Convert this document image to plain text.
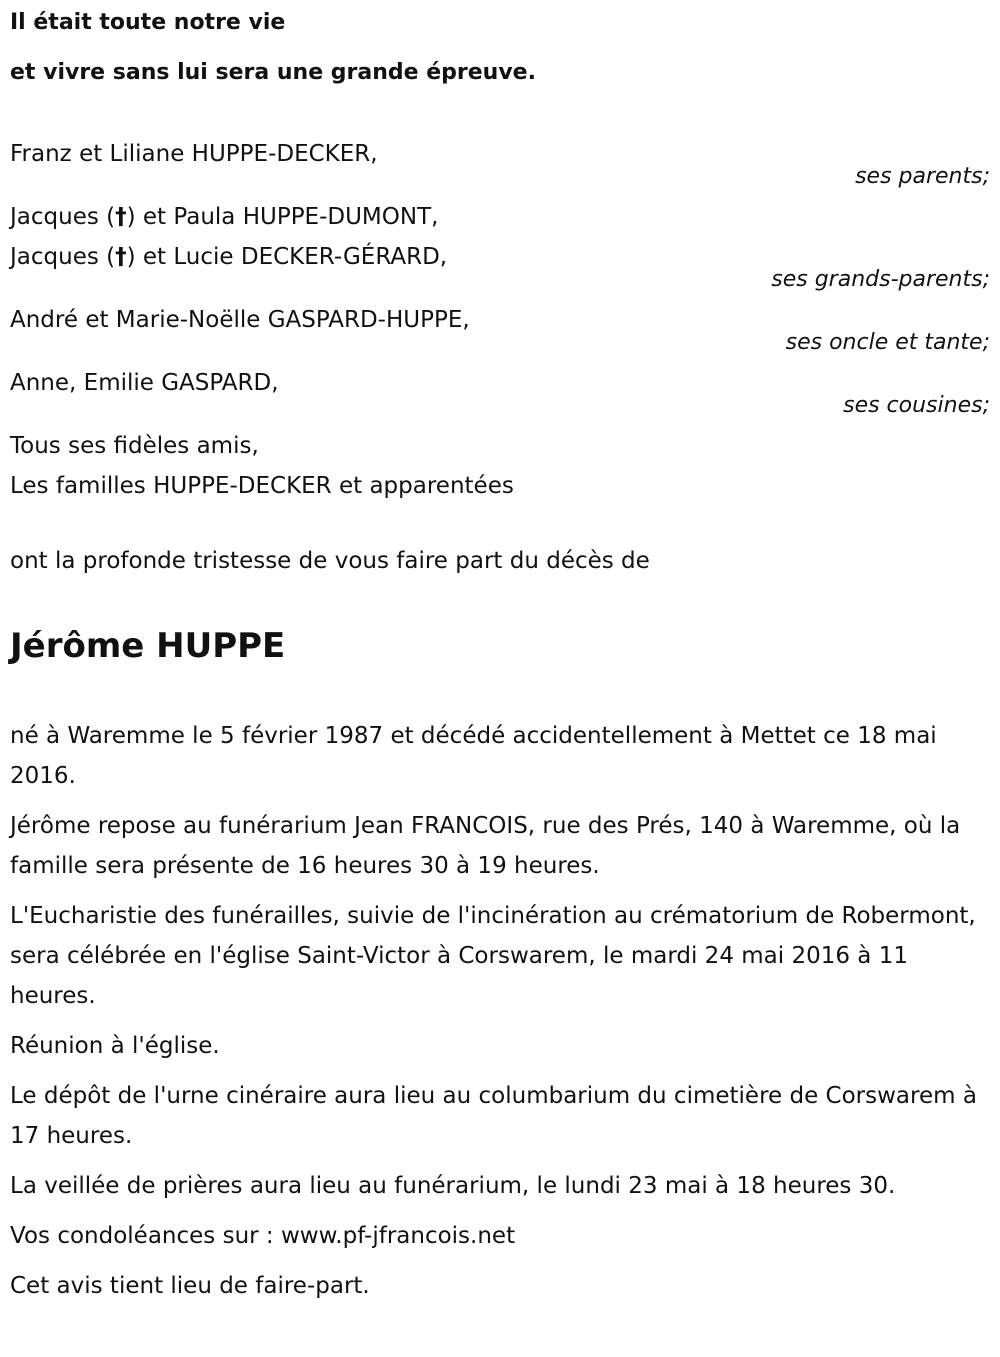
Il était toute notre vie

et vivre sans lui sera une grande épreuve.

Franz et Liliane HUPPE-DECKER,

ses parents;

Jacques (†) et Paula HUPPE-DUMONT,

Jacques (†) et Lucie DECKER-GÉRARD,

ses grands-parents;

André et Marie-Noëlle GASPARD-HUPPE,

ses oncle et tante;

Anne, Emilie GASPARD,

ses cousines;

Tous ses fidèles amis,

Les familles HUPPE-DECKER et apparentées

ont la profonde tristesse de vous faire part du décès de

Jérôme HUPPE

né à Waremme le 5 février 1987 et décédé accidentellement à Mettet ce 18 mai 2016.

Jérôme repose au funérarium Jean FRANCOIS, rue des Prés, 140 à Waremme, où la famille sera présente de 16 heures 30 à 19 heures.

L'Eucharistie des funérailles, suivie de l'incinération au crématorium de Robermont, sera célébrée en l'église Saint-Victor à Corswarem, le mardi 24 mai 2016 à 11 heures.

Réunion à l'église.

Le dépôt de l'urne cinéraire aura lieu au columbarium du cimetière de Corswarem à 17 heures.

La veillée de prières aura lieu au funérarium, le lundi 23 mai à 18 heures 30.

Vos condoléances sur : www.pf-jfrancois.net

Cet avis tient lieu de faire-part.
